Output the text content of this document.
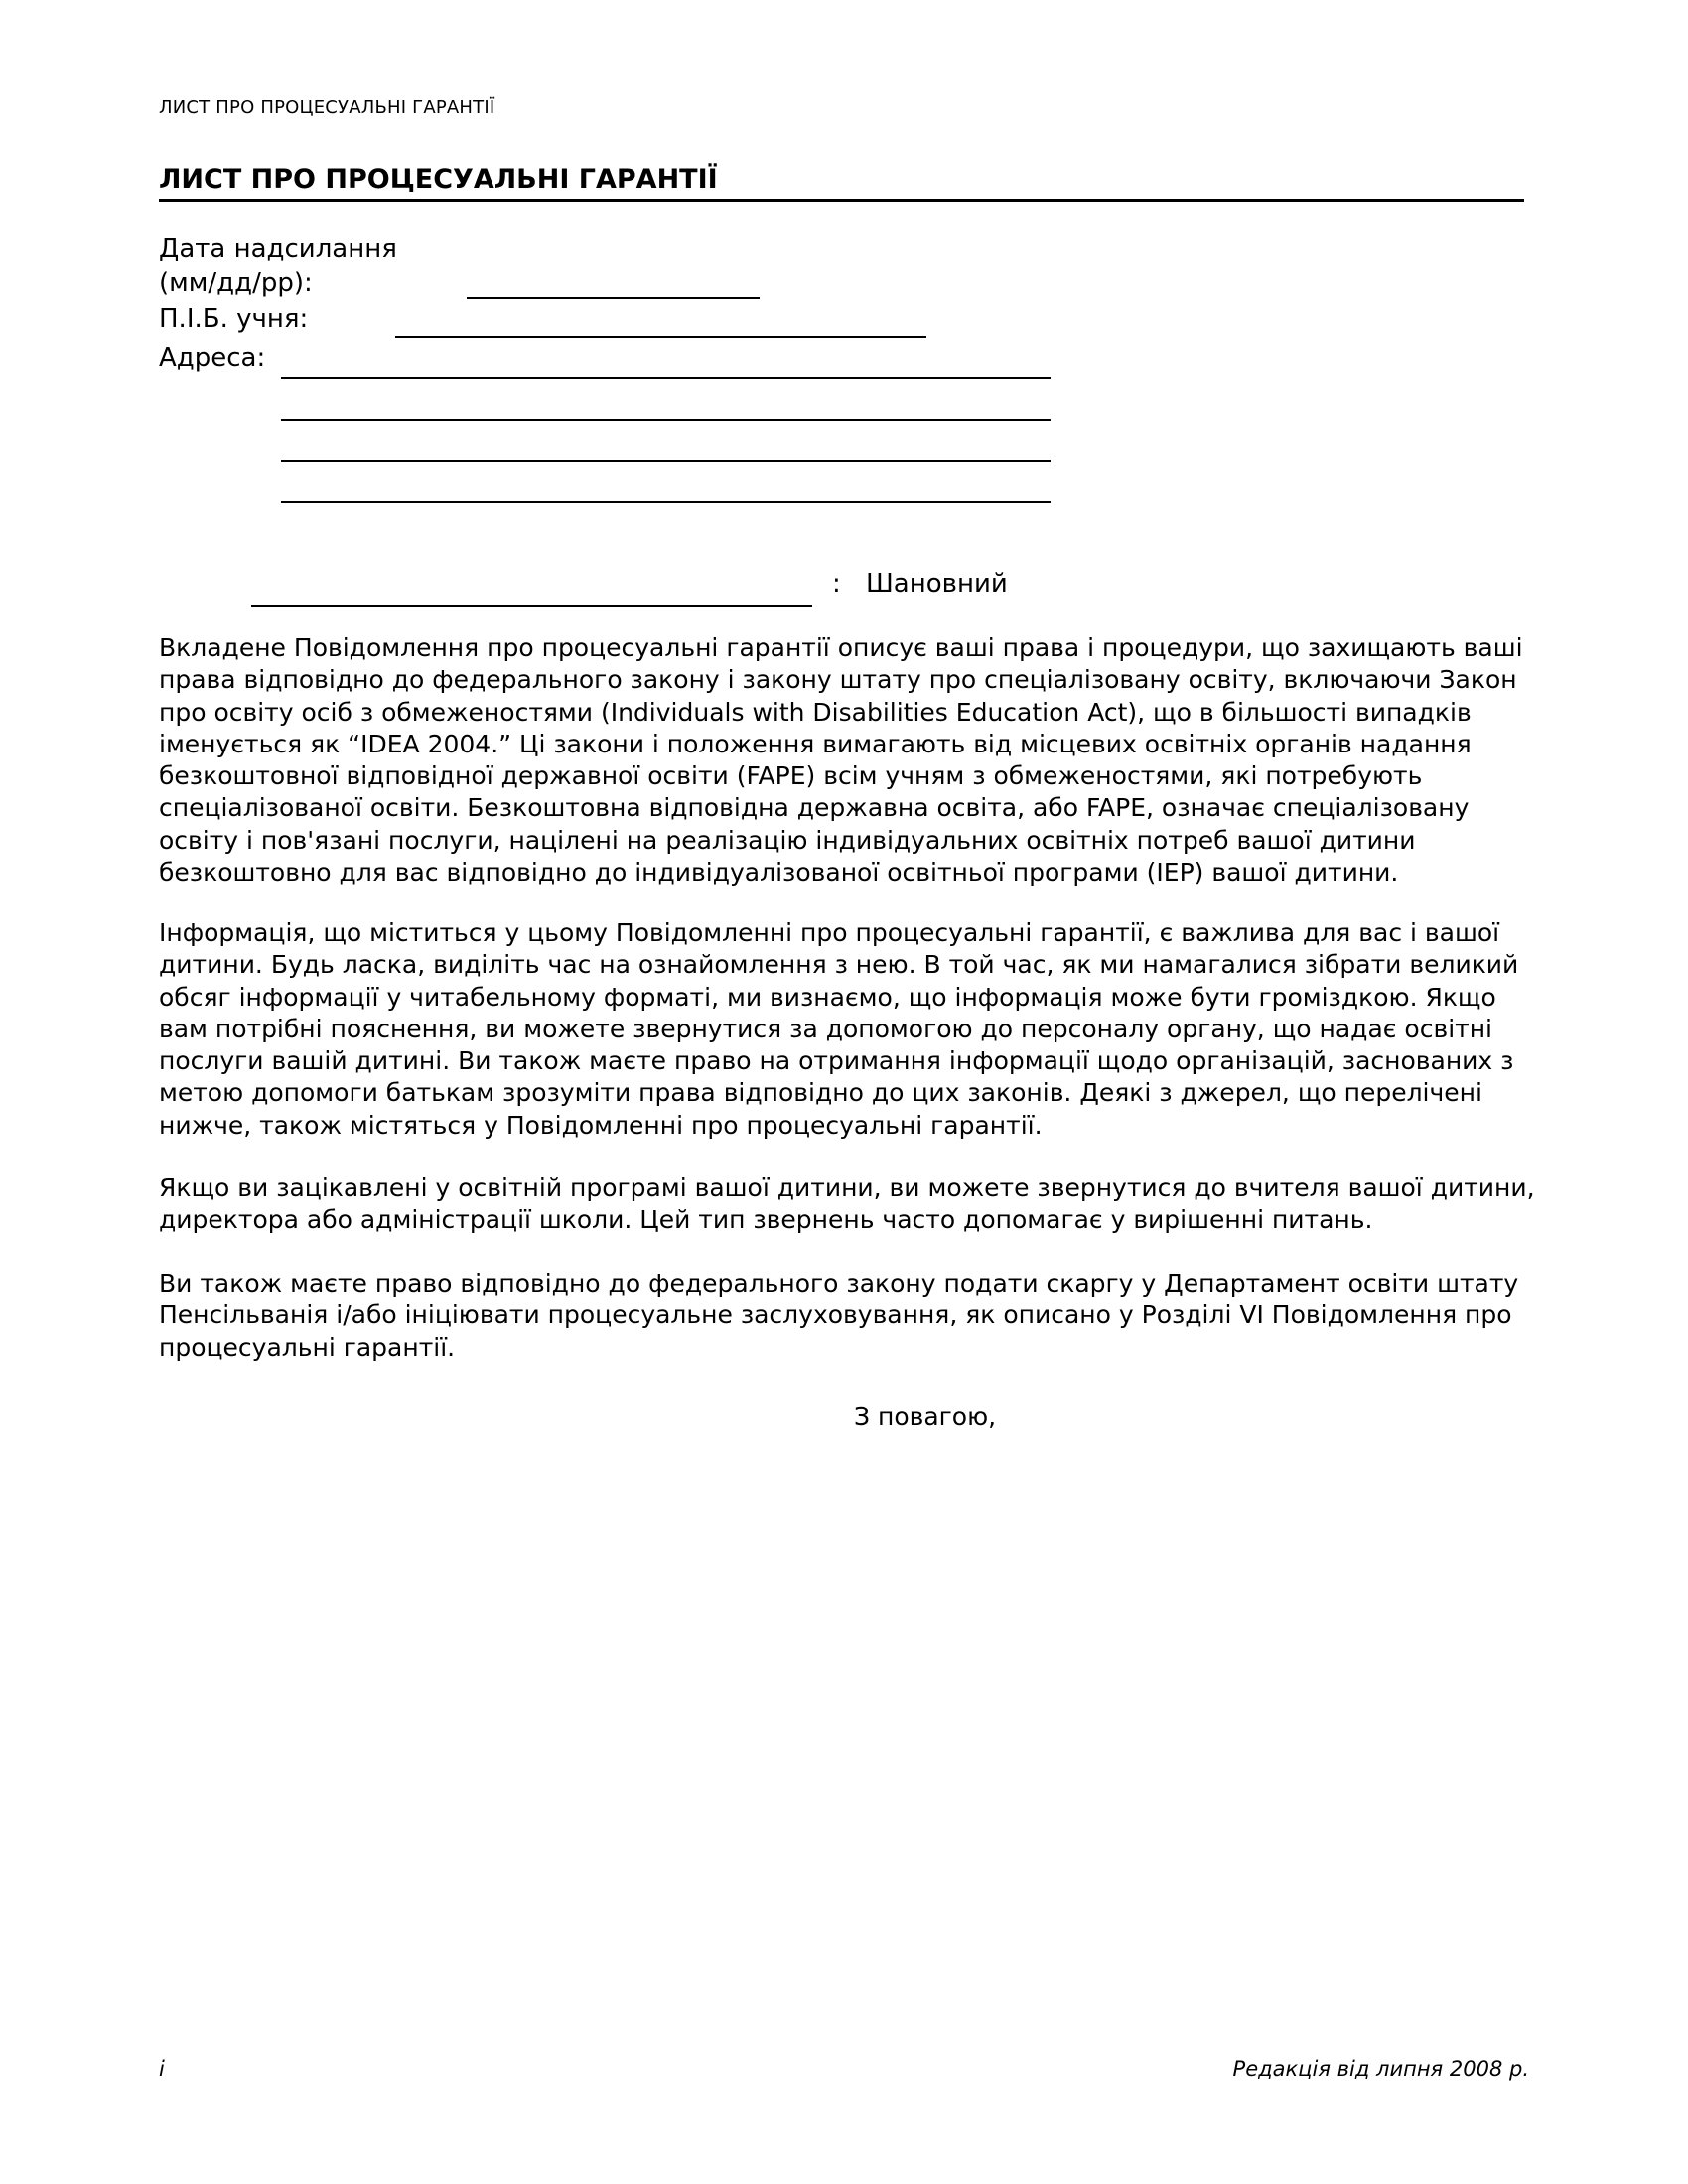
ЛИСТ ПРО ПРОЦЕСУАЛЬНІ ГАРАНТІЇ
ЛИСТ ПРО ПРОЦЕСУАЛЬНІ ГАРАНТІЇ
Дата надсилання
(мм/дд/рр):
П.І.Б. учня:
Адреса:
: Шановний

Вкладене Повідомлення про процесуальні гарантії описує ваші права і процедури, що захищають ваші права відповідно до федерального закону і закону штату про спеціалізовану освіту, включаючи Закон про освіту осіб з обмеженостями (Individuals with Disabilities Education Act), що в більшості випадків іменується як “IDEA 2004.” Ці закони і положення вимагають від місцевих освітніх органів надання безкоштовної відповідної державної освіти (FAPE) всім учням з обмеженостями, які потребують спеціалізованої освіти. Безкоштовна відповідна державна освіта, або FAPE, означає спеціалізовану освіту і пов'язані послуги, націлені на реалізацію індивідуальних освітніх потреб вашої дитини безкоштовно для вас відповідно до індивідуалізованої освітньої програми (IEP) вашої дитини.

Інформація, що міститься у цьому Повідомленні про процесуальні гарантії, є важлива для вас і вашої дитини. Будь ласка, виділіть час на ознайомлення з нею. В той час, як ми намагалися зібрати великий обсяг інформації у читабельному форматі, ми визнаємо, що інформація може бути громіздкою. Якщо вам потрібні пояснення, ви можете звернутися за допомогою до персоналу органу, що надає освітні послуги вашій дитині. Ви також маєте право на отримання інформації щодо організацій, заснованих з метою допомоги батькам зрозуміти права відповідно до цих законів. Деякі з джерел, що перелічені нижче, також містяться у Повідомленні про процесуальні гарантії.

Якщо ви зацікавлені у освітній програмі вашої дитини, ви можете звернутися до вчителя вашої дитини, директора або адміністрації школи. Цей тип звернень часто допомагає у вирішенні питань.

Ви також маєте право відповідно до федерального закону подати скаргу у Департамент освіти штату Пенсільванія і/або ініціювати процесуальне заслуховування, як описано у Розділі VI Повідомлення про процесуальні гарантії.

З повагою,
i	Редакція від липня 2008 р.
